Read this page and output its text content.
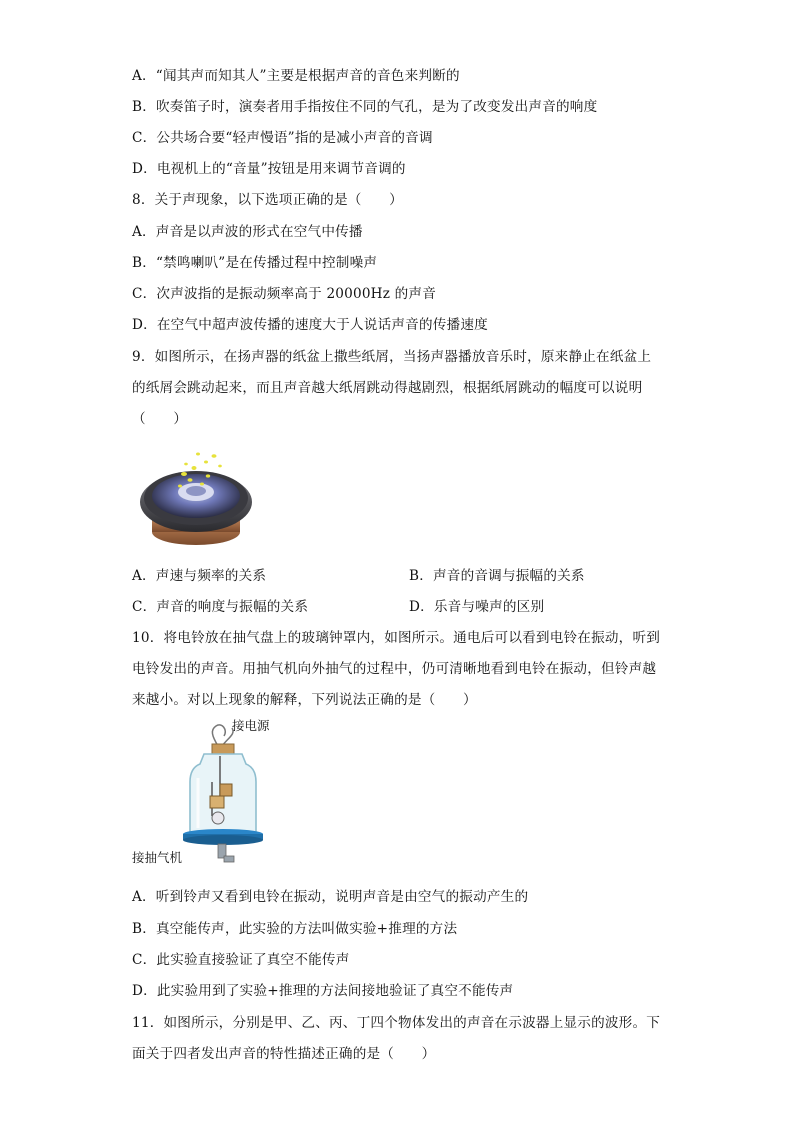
A．“闻其声而知其人”主要是根据声音的音色来判断的
B．吹奏笛子时，演奏者用手指按住不同的气孔，是为了改变发出声音的响度
C．公共场合要“轻声慢语”指的是减小声音的音调
D．电视机上的“音量”按钮是用来调节音调的
8．关于声现象，以下选项正确的是（　　）
A．声音是以声波的形式在空气中传播
B．“禁鸣喇叭”是在传播过程中控制噪声
C．次声波指的是振动频率高于 20000Hz 的声音
D．在空气中超声波传播的速度大于人说话声音的传播速度
9．如图所示，在扬声器的纸盆上撒些纸屑，当扬声器播放音乐时，原来静止在纸盆上
的纸屑会跳动起来，而且声音越大纸屑跳动得越剧烈，根据纸屑跳动的幅度可以说明
（　　）
A．声速与频率的关系	B．声音的音调与振幅的关系
C．声音的响度与振幅的关系	D．乐音与噪声的区别
10．将电铃放在抽气盘上的玻璃钟罩内，如图所示。通电后可以看到电铃在振动，听到
电铃发出的声音。用抽气机向外抽气的过程中，仍可清晰地看到电铃在振动，但铃声越
来越小。对以上现象的解释，下列说法正确的是（　　）
接电源
接抽气机
A．听到铃声又看到电铃在振动，说明声音是由空气的振动产生的
B．真空能传声，此实验的方法叫做实验+推理的方法
C．此实验直接验证了真空不能传声
D．此实验用到了实验+推理的方法间接地验证了真空不能传声
11．如图所示，分别是甲、乙、丙、丁四个物体发出的声音在示波器上显示的波形。下
面关于四者发出声音的特性描述正确的是（　　）
